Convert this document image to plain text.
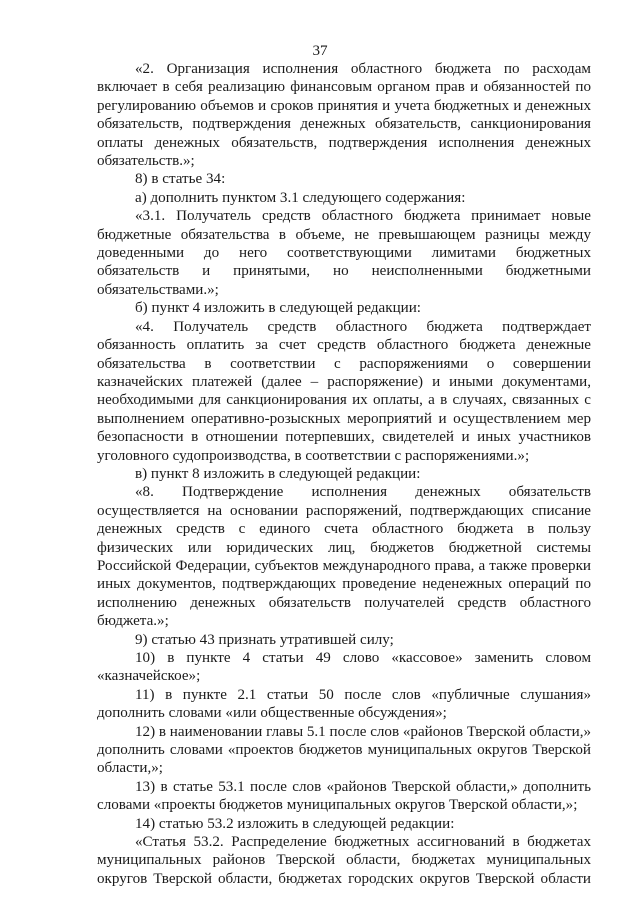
37

«2. Организация исполнения областного бюджета по расходам включает в себя реализацию финансовым органом прав и обязанностей по регулированию объемов и сроков принятия и учета бюджетных и денежных обязательств, подтверждения денежных обязательств, санкционирования оплаты денежных обязательств, подтверждения исполнения денежных обязательств.»;

8) в статье 34:

а) дополнить пунктом 3.1 следующего содержания:

«3.1. Получатель средств областного бюджета принимает новые бюджетные обязательства в объеме, не превышающем разницы между доведенными до него соответствующими лимитами бюджетных обязательств и принятыми, но неисполненными бюджетными обязательствами.»;

б) пункт 4 изложить в следующей редакции:

«4. Получатель средств областного бюджета подтверждает обязанность оплатить за счет средств областного бюджета денежные обязательства в соответствии с распоряжениями о совершении казначейских платежей (далее – распоряжение) и иными документами, необходимыми для санкционирования их оплаты, а в случаях, связанных с выполнением оперативно-розыскных мероприятий и осуществлением мер безопасности в отношении потерпевших, свидетелей и иных участников уголовного судопроизводства, в соответствии с распоряжениями.»;

в) пункт 8 изложить в следующей редакции:

«8. Подтверждение исполнения денежных обязательств осуществляется на основании распоряжений, подтверждающих списание денежных средств с единого счета областного бюджета в пользу физических или юридических лиц, бюджетов бюджетной системы Российской Федерации, субъектов международного права, а также проверки иных документов, подтверждающих проведение неденежных операций по исполнению денежных обязательств получателей средств областного бюджета.»;

9) статью 43 признать утратившей силу;

10) в пункте 4 статьи 49 слово «кассовое» заменить словом «казначейское»;

11) в пункте 2.1 статьи 50 после слов «публичные слушания» дополнить словами «или общественные обсуждения»;

12) в наименовании главы 5.1 после слов «районов Тверской области,» дополнить словами «проектов бюджетов муниципальных округов Тверской области,»;

13) в статье 53.1 после слов «районов Тверской области,» дополнить словами «проекты бюджетов муниципальных округов Тверской области,»;

14) статью 53.2 изложить в следующей редакции:

«Статья 53.2. Распределение бюджетных ассигнований в бюджетах муниципальных районов Тверской области, бюджетах муниципальных округов Тверской области, бюджетах городских округов Тверской области
